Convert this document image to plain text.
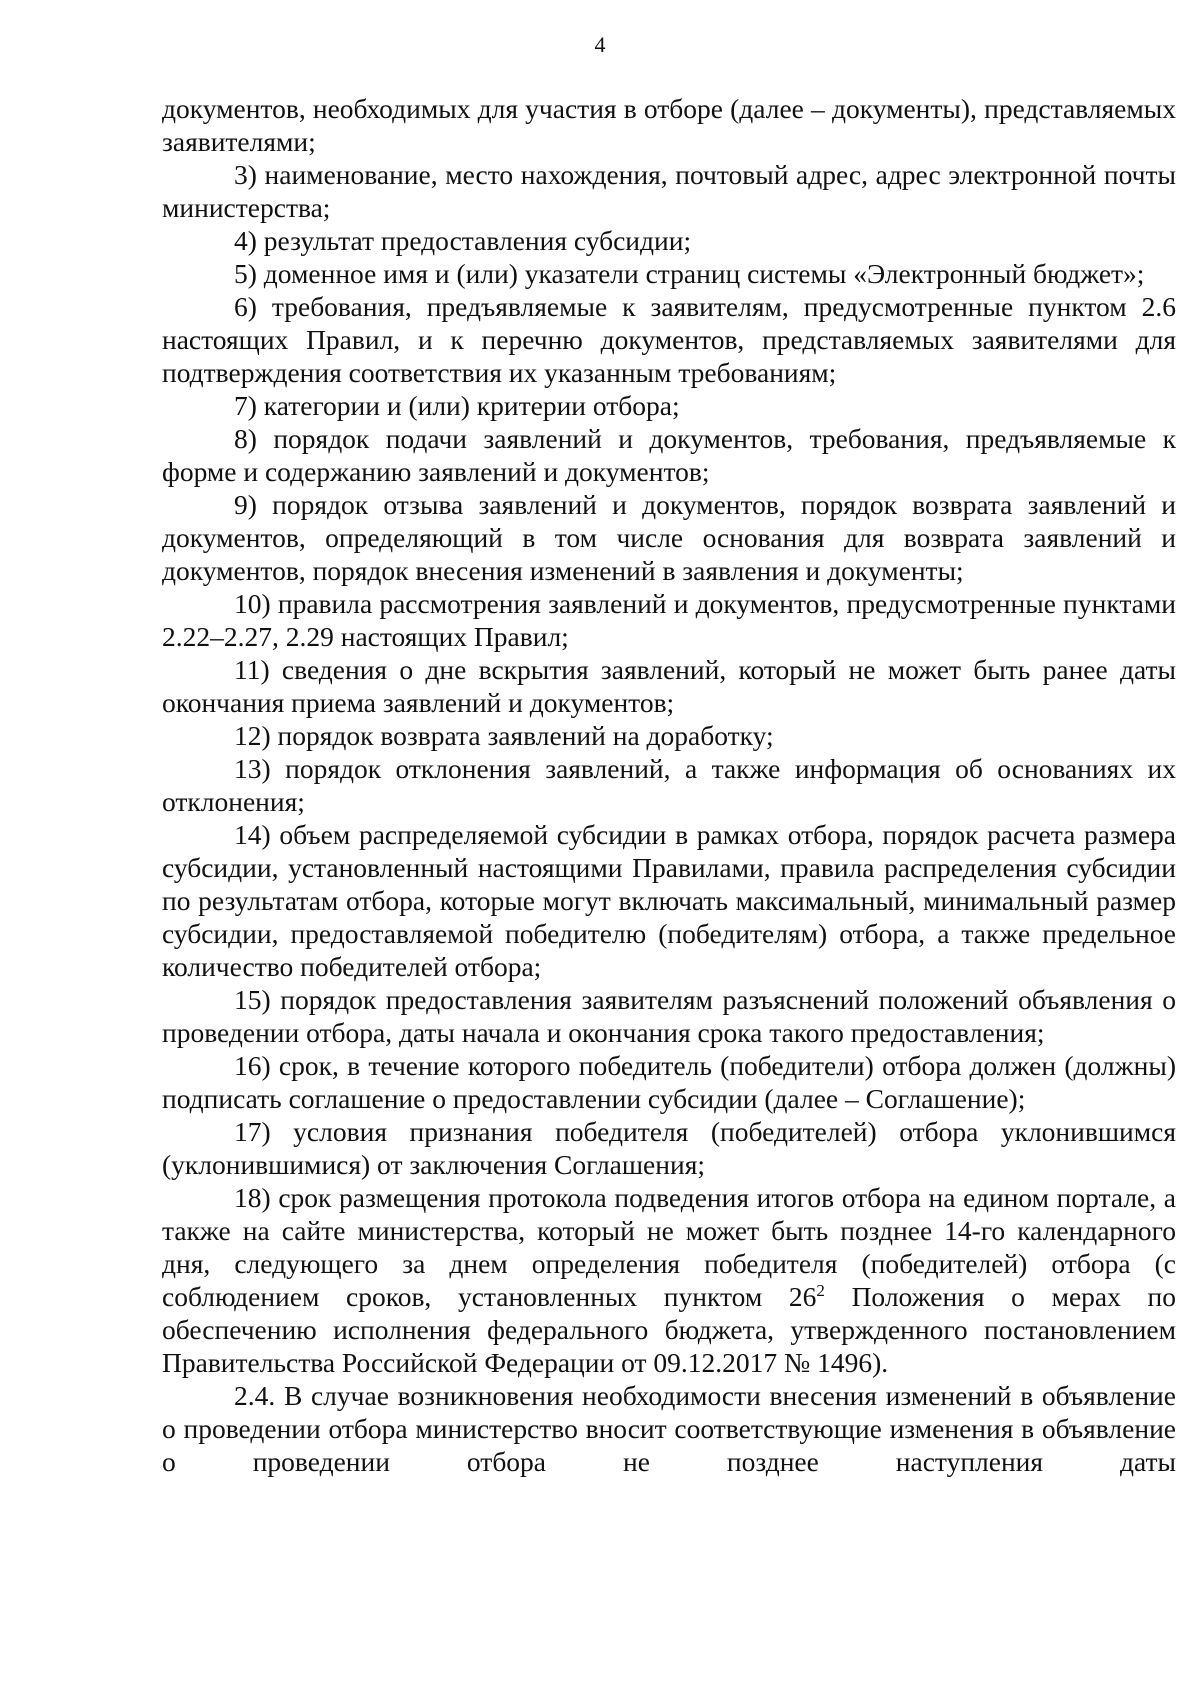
4

документов, необходимых для участия в отборе (далее – документы), представляемых заявителями;

3) наименование, место нахождения, почтовый адрес, адрес электронной почты министерства;

4) результат предоставления субсидии;

5) доменное имя и (или) указатели страниц системы «Электронный бюджет»;

6) требования, предъявляемые к заявителям, предусмотренные пунктом 2.6 настоящих Правил, и к перечню документов, представляемых заявителями для подтверждения соответствия их указанным требованиям;

7) категории и (или) критерии отбора;

8) порядок подачи заявлений и документов, требования, предъявляемые к форме и содержанию заявлений и документов;

9) порядок отзыва заявлений и документов, порядок возврата заявлений и документов, определяющий в том числе основания для возврата заявлений и документов, порядок внесения изменений в заявления и документы;

10) правила рассмотрения заявлений и документов, предусмотренные пунктами 2.22–2.27, 2.29 настоящих Правил;

11) сведения о дне вскрытия заявлений, который не может быть ранее даты окончания приема заявлений и документов;

12) порядок возврата заявлений на доработку;

13) порядок отклонения заявлений, а также информация об основаниях их отклонения;

14) объем распределяемой субсидии в рамках отбора, порядок расчета размера субсидии, установленный настоящими Правилами, правила распределения субсидии по результатам отбора, которые могут включать максимальный, минимальный размер субсидии, предоставляемой победителю (победителям) отбора, а также предельное количество победителей отбора;

15) порядок предоставления заявителям разъяснений положений объявления о проведении отбора, даты начала и окончания срока такого предоставления;

16) срок, в течение которого победитель (победители) отбора должен (должны) подписать соглашение о предоставлении субсидии (далее – Соглашение);

17) условия признания победителя (победителей) отбора уклонившимся (уклонившимися) от заключения Соглашения;

18) срок размещения протокола подведения итогов отбора на едином портале, а также на сайте министерства, который не может быть позднее 14-го календарного дня, следующего за днем определения победителя (победителей) отбора (с соблюдением сроков, установленных пунктом $26^2$ Положения о мерах по обеспечению исполнения федерального бюджета, утвержденного постановлением Правительства Российской Федерации от 09.12.2017 № 1496).

2.4. В случае возникновения необходимости внесения изменений в объявление о проведении отбора министерство вносит соответствующие изменения в объявление о проведении отбора не позднее наступления даты
